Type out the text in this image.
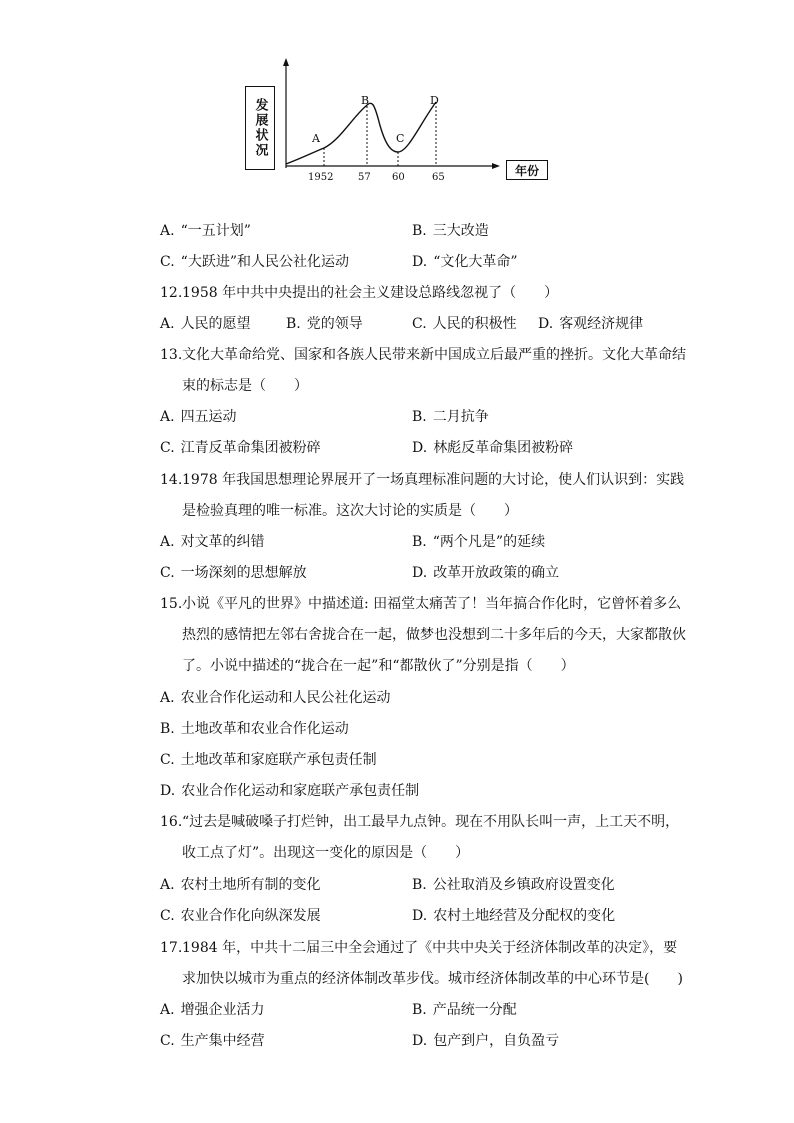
发展状况
年份
A
B
C
D
1952 57 60	65
A. “一五计划”	B. 三大改造
C. “大跃进”和人民公社化运动	D. “文化大革命”
12. 1958 年中共中央提出的社会主义建设总路线忽视了（　　）
A. 人民的愿望	B. 党的领导	C. 人民的积极性 D. 客观经济规律
13. 文化大革命给党、国家和各族人民带来新中国成立后最严重的挫折。文化大革命结
束的标志是（　　）
A. 四五运动	B. 二月抗争
C. 江青反革命集团被粉碎	D. 林彪反革命集团被粉碎
14. 1978 年我国思想理论界展开了一场真理标准问题的大讨论，使人们认识到：实践
是检验真理的唯一标准。这次大讨论的实质是（　　）
A. 对文革的纠错	B. “两个凡是”的延续
C. 一场深刻的思想解放	D. 改革开放政策的确立
15. 小说《平凡的世界》中描述道: 田福堂太痛苦了！当年搞合作化时，它曾怀着多么
热烈的感情把左邻右舍拢合在一起，做梦也没想到二十多年后的今天，大家都散伙
了。小说中描述的“拢合在一起”和“都散伙了”分别是指（　　）
A. 农业合作化运动和人民公社化运动
B. 土地改革和农业合作化运动
C. 土地改革和家庭联产承包责任制
D. 农业合作化运动和家庭联产承包责任制
16. “过去是喊破嗓子打烂钟，出工最早九点钟。现在不用队长叫一声，上工天不明，
收工点了灯”。出现这一变化的原因是（　　）
A. 农村土地所有制的变化	B. 公社取消及乡镇政府设置变化
C. 农业合作化向纵深发展	D. 农村土地经营及分配权的变化
17. 1984 年，中共十二届三中全会通过了《中共中央关于经济体制改革的决定》，要
求加快以城市为重点的经济体制改革步伐。城市经济体制改革的中心环节是(　　)
A. 增强企业活力	B. 产品统一分配
C. 生产集中经营	D. 包产到户，自负盈亏
